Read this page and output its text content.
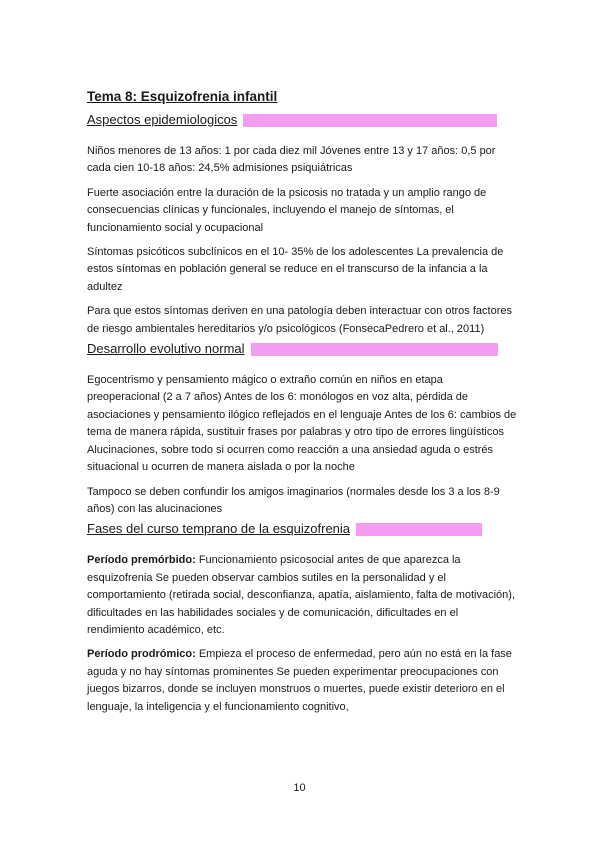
Tema 8: Esquizofrenia infantil
Aspectos epidemiologicos

Niños menores de 13 años: 1 por cada diez mil Jóvenes entre 13 y 17 años: 0,5 por cada cien 10-18 años: 24,5% admisiones psiquiátricas

Fuerte asociación entre la duración de la psicosis no tratada y un amplio rango de consecuencias clínicas y funcionales, incluyendo el manejo de síntomas, el funcionamiento social y ocupacional

Síntomas psicóticos subclínicos en el 10- 35% de los adolescentes La prevalencia de estos síntomas en población general se reduce en el transcurso de la infancia a la adultez

Para que estos síntomas deriven en una patología deben interactuar con otros factores de riesgo ambientales hereditarios y/o psicológicos (FonsecaPedrero et al., 2011)

Desarrollo evolutivo normal

Egocentrismo y pensamiento mágico o extraño común en niños en etapa preoperacional (2 a 7 años) Antes de los 6: monólogos en voz alta, pérdida de asociaciones y pensamiento ilógico reflejados en el lenguaje Antes de los 6: cambios de tema de manera rápida, sustituir frases por palabras y otro tipo de errores lingüísticos Alucinaciones, sobre todo si ocurren como reacción a una ansiedad aguda o estrés situacional u ocurren de manera aislada o por la noche

Tampoco se deben confundir los amigos imaginarios (normales desde los 3 a los 8-9 años) con las alucinaciones

Fases del curso temprano de la esquizofrenia

Período premórbido: Funcionamiento psicosocial antes de que aparezca la esquizofrenia Se pueden observar cambios sutiles en la personalidad y el comportamiento (retirada social, desconfianza, apatía, aislamiento, falta de motivación), dificultades en las habilidades sociales y de comunicación, dificultades en el rendimiento académico, etc.

Período prodrómico: Empieza el proceso de enfermedad, pero aún no está en la fase aguda y no hay síntomas prominentes Se pueden experimentar preocupaciones con juegos bizarros, donde se incluyen monstruos o muertes, puede existir deterioro en el lenguaje, la inteligencia y el funcionamiento cognitivo,

10
